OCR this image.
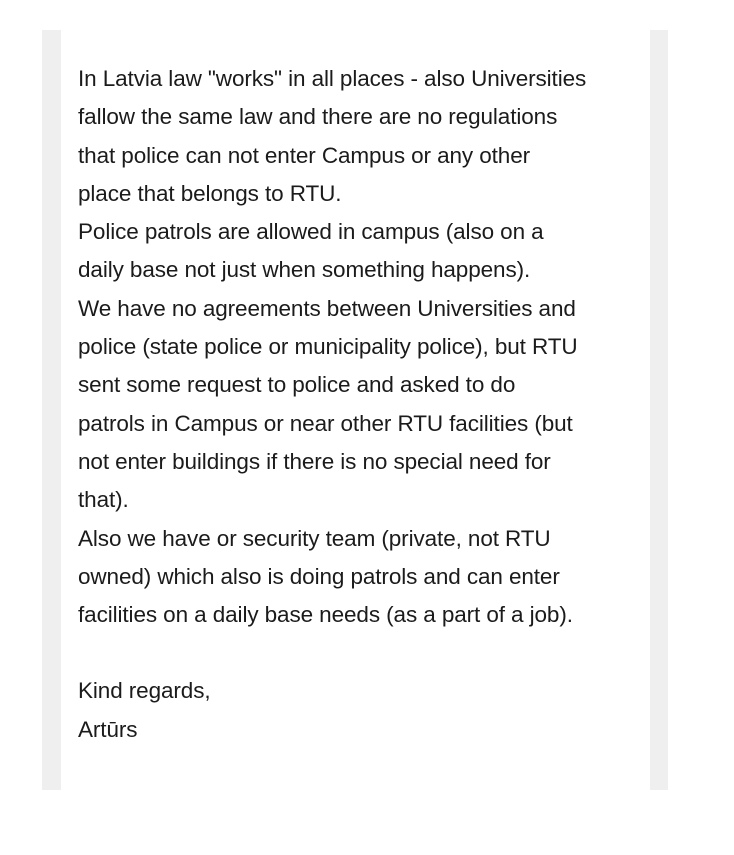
In Latvia law "works" in all places - also Universities
fallow the same law and there are no regulations
that police can not enter Campus or any other
place that belongs to RTU.
Police patrols are allowed in campus (also on a
daily base not just when something happens).
We have no agreements between Universities and
police (state police or municipality police), but RTU
sent some request to police and asked to do
patrols in Campus or near other RTU facilities (but
not enter buildings if there is no special need for
that).
Also we have or security team (private, not RTU
owned) which also is doing patrols and can enter
facilities on a daily base needs (as a part of a job).
Kind regards,
Artūrs
